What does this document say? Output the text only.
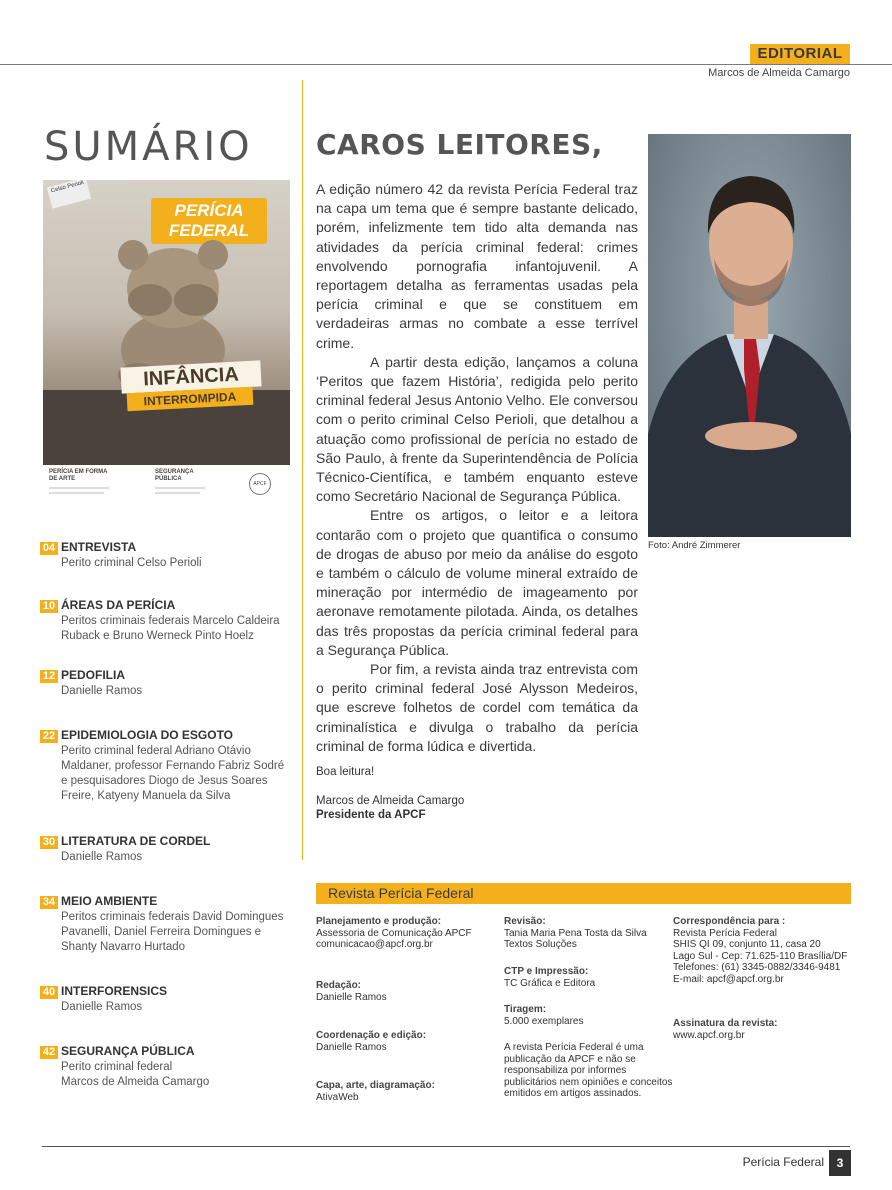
EDITORIAL
Marcos de Almeida Camargo
SUMÁRIO
Celso Perioli
PERÍCIA
FEDERAL
INFÂNCIA
INTERROMPIDA
PERÍCIA EM FORMA DE ARTE
SEGURANÇA PÚBLICA
APCF
04 ENTREVISTA
Perito criminal Celso Perioli
10 ÁREAS DA PERÍCIA
Peritos criminais federais Marcelo Caldeira Ruback e Bruno Werneck Pinto Hoelz
12 PEDOFILIA
Danielle Ramos
22 EPIDEMIOLOGIA DO ESGOTO
Perito criminal federal Adriano Otávio Maldaner, professor Fernando Fabriz Sodré e pesquisadores Diogo de Jesus Soares Freire, Katyeny Manuela da Silva
30 LITERATURA DE CORDEL
Danielle Ramos
34 MEIO AMBIENTE
Peritos criminais federais David Domingues Pavanelli, Daniel Ferreira Domingues e Shanty Navarro Hurtado
40 INTERFORENSICS
Danielle Ramos
42 SEGURANÇA PÚBLICA
Perito criminal federal Marcos de Almeida Camargo
CAROS LEITORES,

A edição número 42 da revista Perícia Federal traz na capa um tema que é sempre bastante delicado, porém, infelizmente tem tido alta demanda nas atividades da perícia criminal federal: crimes envolvendo pornografia infantojuvenil. A reportagem detalha as ferramentas usadas pela perícia criminal e que se constituem em verdadeiras armas no combate a esse terrível crime.

A partir desta edição, lançamos a coluna ‘Peritos que fazem História’, redigida pelo perito criminal federal Jesus Antonio Velho. Ele conversou com o perito criminal Celso Perioli, que detalhou a atuação como profissional de perícia no estado de São Paulo, à frente da Superintendência de Polícia Técnico-Científica, e também enquanto esteve como Secretário Nacional de Segurança Pública.

Entre os artigos, o leitor e a leitora contarão com o projeto que quantifica o consumo de drogas de abuso por meio da análise do esgoto e também o cálculo de volume mineral extraído de mineração por intermédio de imageamento por aeronave remotamente pilotada. Ainda, os detalhes das três propostas da perícia criminal federal para a Segurança Pública.

Por fim, a revista ainda traz entrevista com o perito criminal federal José Alysson Medeiros, que escreve folhetos de cordel com temática da criminalística e divulga o trabalho da perícia criminal de forma lúdica e divertida.

Boa leitura!
Marcos de Almeida Camargo
Presidente da APCF
Foto: André Zimmerer
Revista Perícia Federal
Planejamento e produção:
Assessoria de Comunicação APCF
comunicacao@apcf.org.br
Redação:
Danielle Ramos
Coordenação e edição:
Danielle Ramos
Capa, arte, diagramação:
AtivaWeb
Revisão:
Tania Maria Pena Tosta da Silva
Textos Soluções
CTP e Impressão:
TC Gráfica e Editora
Tiragem:
5.000 exemplares
A revista Perícia Federal é uma
publicação da APCF e não se
responsabiliza por informes
publicitários nem opiniões e conceitos
emitidos em artigos assinados.
Correspondência para :
Revista Perícia Federal
SHIS QI 09, conjunto 11, casa 20
Lago Sul - Cep: 71.625-110 Brasília/DF
Telefones: (61) 3345-0882/3346-9481
E-mail: apcf@apcf.org.br
Assinatura da revista:
www.apcf.org.br
Perícia Federal	3
